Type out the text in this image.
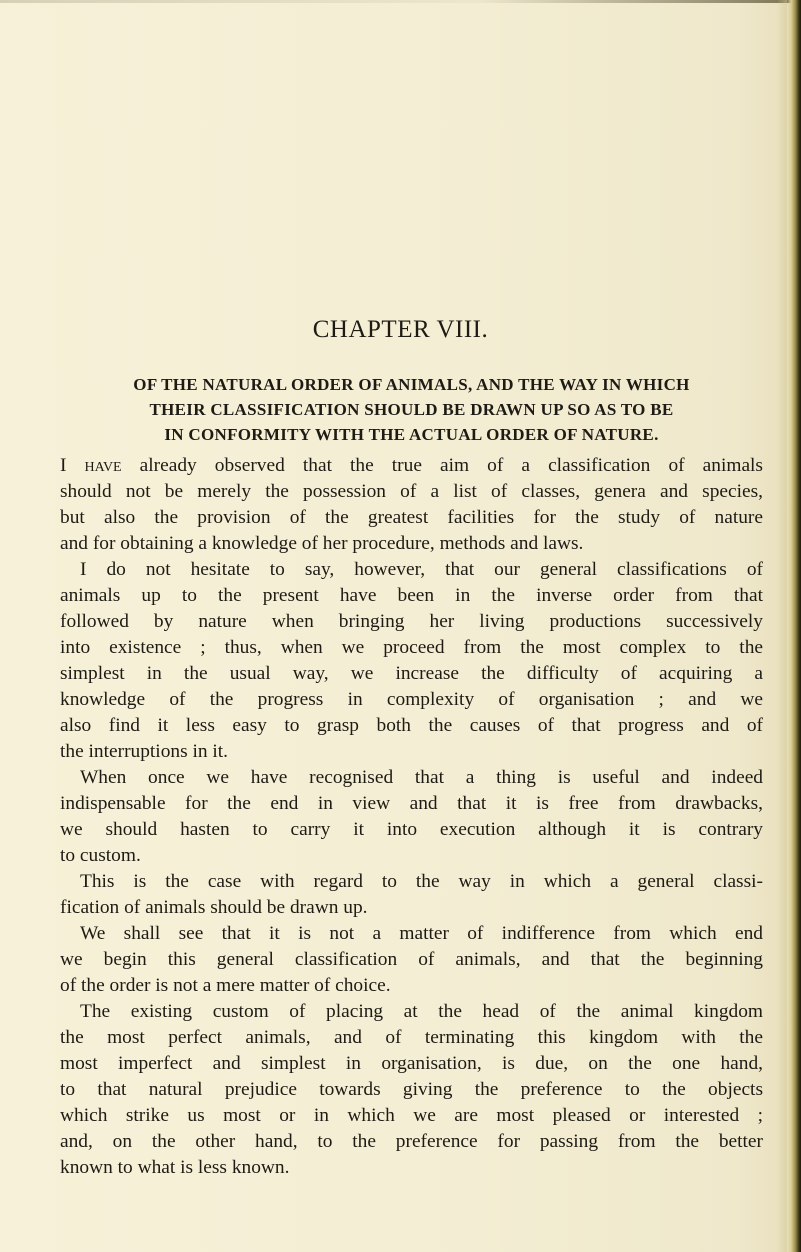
CHAPTER VIII.
OF THE NATURAL ORDER OF ANIMALS, AND THE WAY IN WHICH
THEIR CLASSIFICATION SHOULD BE DRAWN UP SO AS TO BE
IN CONFORMITY WITH THE ACTUAL ORDER OF NATURE.

I have already observed that the true aim of a classification of animals

should not be merely the possession of a list of classes, genera and species,

but also the provision of the greatest facilities for the study of nature

and for obtaining a knowledge of her procedure, methods and laws.

I do not hesitate to say, however, that our general classifications of

animals up to the present have been in the inverse order from that

followed by nature when bringing her living productions successively

into existence ; thus, when we proceed from the most complex to the

simplest in the usual way, we increase the difficulty of acquiring a

knowledge of the progress in complexity of organisation ; and we

also find it less easy to grasp both the causes of that progress and of

the interruptions in it.

When once we have recognised that a thing is useful and indeed

indispensable for the end in view and that it is free from drawbacks,

we should hasten to carry it into execution although it is contrary

to custom.

This is the case with regard to the way in which a general classi-

fication of animals should be drawn up.

We shall see that it is not a matter of indifference from which end

we begin this general classification of animals, and that the beginning

of the order is not a mere matter of choice.

The existing custom of placing at the head of the animal kingdom

the most perfect animals, and of terminating this kingdom with the

most imperfect and simplest in organisation, is due, on the one hand,

to that natural prejudice towards giving the preference to the objects

which strike us most or in which we are most pleased or interested ;

and, on the other hand, to the preference for passing from the better

known to what is less known.
